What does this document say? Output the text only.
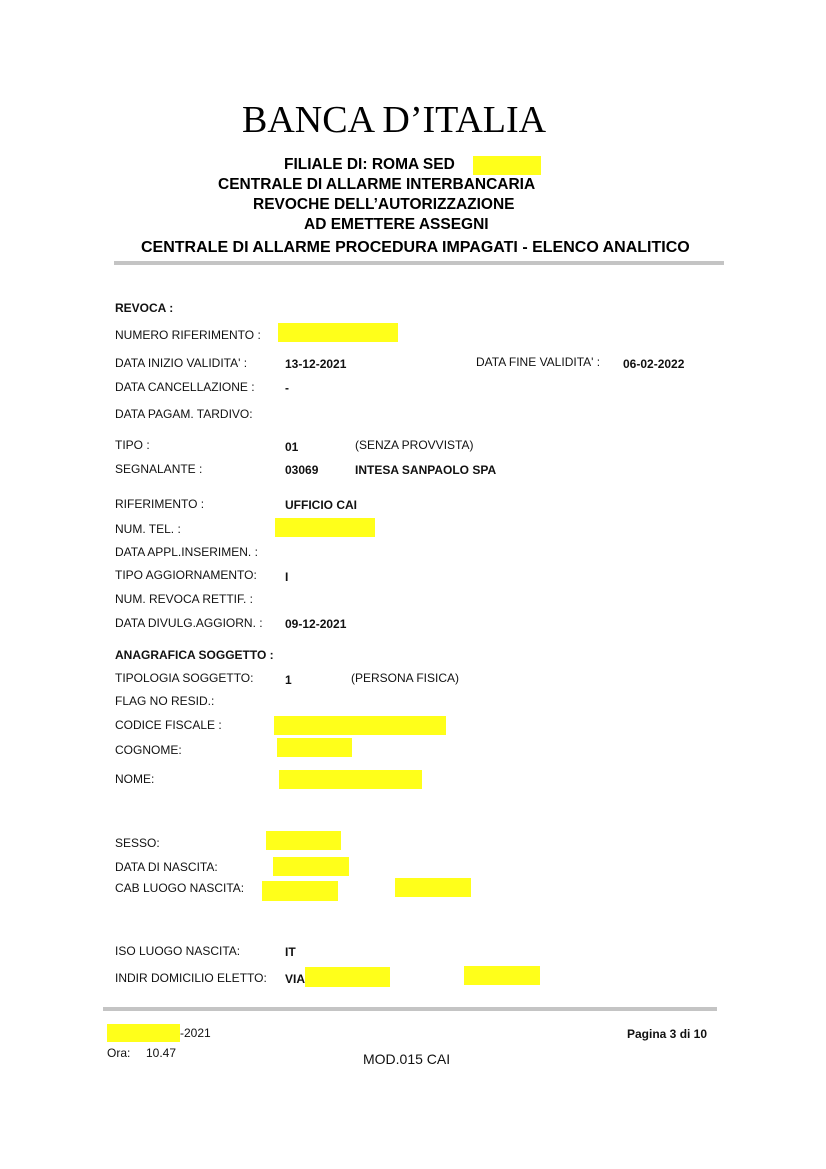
BANCA D’ITALIA
FILIALE DI: ROMA SED
CENTRALE DI ALLARME INTERBANCARIA
REVOCHE DELL’AUTORIZZAZIONE
AD EMETTERE ASSEGNI
CENTRALE DI ALLARME PROCEDURA IMPAGATI - ELENCO ANALITICO
REVOCA :
NUMERO RIFERIMENTO :
DATA INIZIO VALIDITA' :	13-12-2021	DATA FINE VALIDITA' : 06-02-2022
DATA CANCELLAZIONE :	-
DATA PAGAM. TARDIVO:
TIPO :	01	(SENZA PROVVISTA)
SEGNALANTE :	03069	INTESA SANPAOLO SPA
RIFERIMENTO :	UFFICIO CAI
NUM. TEL. :
DATA APPL.INSERIMEN. :
TIPO AGGIORNAMENTO: I
NUM. REVOCA RETTIF. :
DATA DIVULG.AGGIORN. : 09-12-2021
ANAGRAFICA SOGGETTO :
TIPOLOGIA SOGGETTO:	1	(PERSONA FISICA)
FLAG NO RESID.:
CODICE FISCALE :
COGNOME:
NOME:
SESSO:
DATA DI NASCITA:
CAB LUOGO NASCITA:
ISO LUOGO NASCITA:	IT
INDIR DOMICILIO ELETTO: VIA
-2021
Ora: 10.47
Pagina 3 di 10
MOD.015 CAI
